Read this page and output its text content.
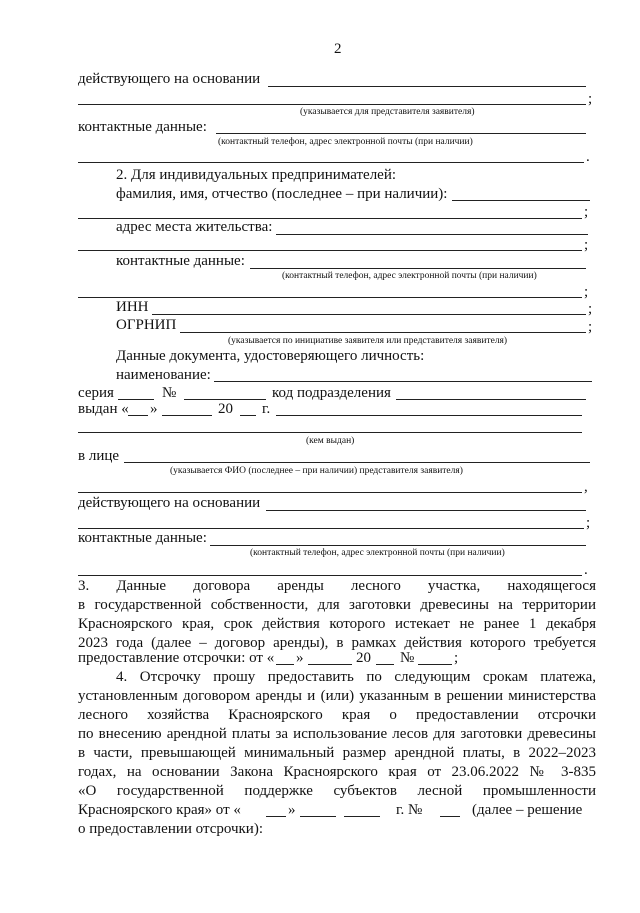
2
действующего на основании
;
(указывается для представителя заявителя)
контактные данные:
(контактный телефон, адрес электронной почты (при наличии)
.
2. Для индивидуальных предпринимателей:
фамилия, имя, отчество (последнее – при наличии):
;
адрес места жительства:
;
контактные данные:
(контактный телефон, адрес электронной почты (при наличии)
;
ИНН	;
ОГРНИП	;
(указывается по инициативе заявителя или представителя заявителя)
Данные документа, удостоверяющего личность:
наименование:
серия	№	код подразделения
выдан « »	20 г.
(кем выдан)
в лице
(указывается ФИО (последнее – при наличии) представителя заявителя)
,
действующего на основании
;
контактные данные:
(контактный телефон, адрес электронной почты (при наличии)
.
3. Данные договора аренды лесного участка, находящегося
в государственной собственности, для заготовки древесины на территории
Красноярского края, срок действия которого истекает не ранее 1 декабря
2023 года (далее – договор аренды), в рамках действия которого требуется
предоставление отсрочки: от « »	20 №	;
4. Отсрочку прошу предоставить по следующим срокам платежа,
установленным договором аренды и (или) указанным в решении министерства
лесного хозяйства Красноярского края о предоставлении отсрочки
по внесению арендной платы за использование лесов для заготовки древесины
в части, превышающей минимальный размер арендной платы, в 2022–2023
годах, на основании Закона Красноярского края от 23.06.2022 № 3-835
«О государственной поддержке субъектов лесной промышленности
Красноярского края» от «	»	г. №	(далее – решение
о предоставлении отсрочки):
